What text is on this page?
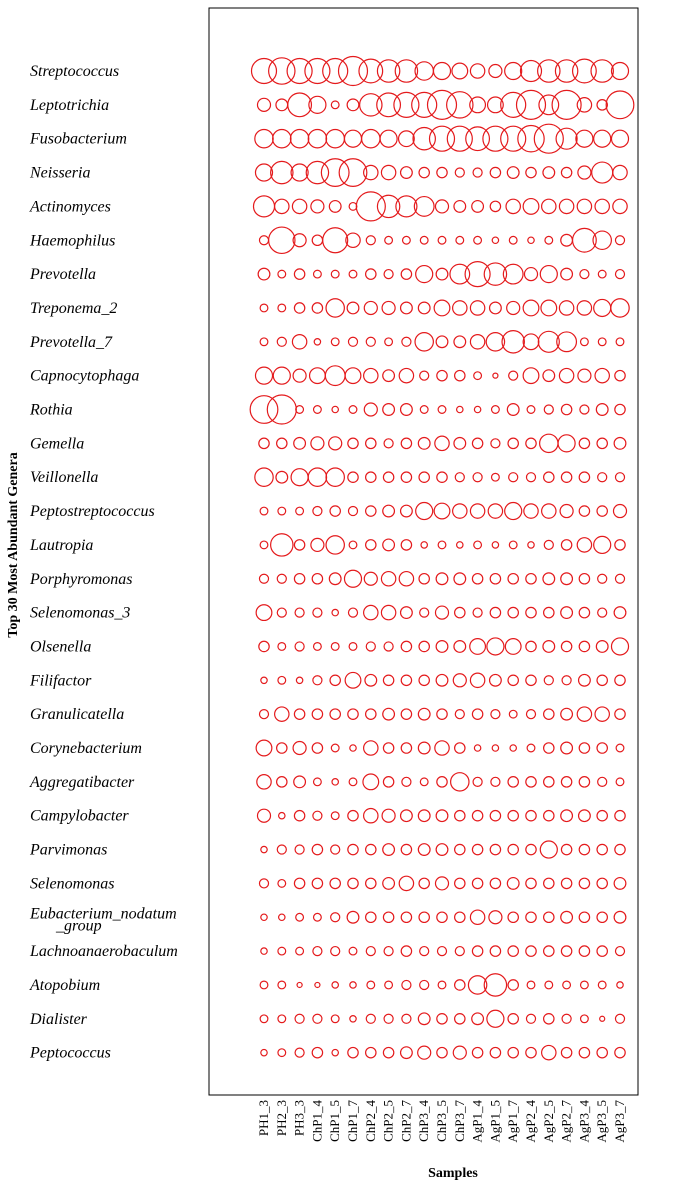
Streptococcus
Leptotrichia
Fusobacterium
Neisseria
Actinomyces
Haemophilus
Prevotella
Treponema_2
Prevotella_7
Capnocytophaga
Rothia
Gemella
Veillonella
Peptostreptococcus
Lautropia
Porphyromonas
Selenomonas_3
Olsenella
Filifactor
Granulicatella
Corynebacterium
Aggregatibacter
Campylobacter
Parvimonas
Selenomonas
Eubacterium_nodatum _group
Lachnoanaerobaculum
Atopobium
Dialister
Peptococcus
PH1_3 PH2_3 PH3_3 ChP1_4 ChP1_5 ChP1_7 ChP2_4 ChP2_5 ChP2_7 ChP3_4 ChP3_5 ChP3_7 AgP1_4 AgP1_5 AgP1_7 AgP2_4 AgP2_5 AgP2_7 AgP3_4 AgP3_5 AgP3_7
Top 30 Most Abundant Genera
Samples
